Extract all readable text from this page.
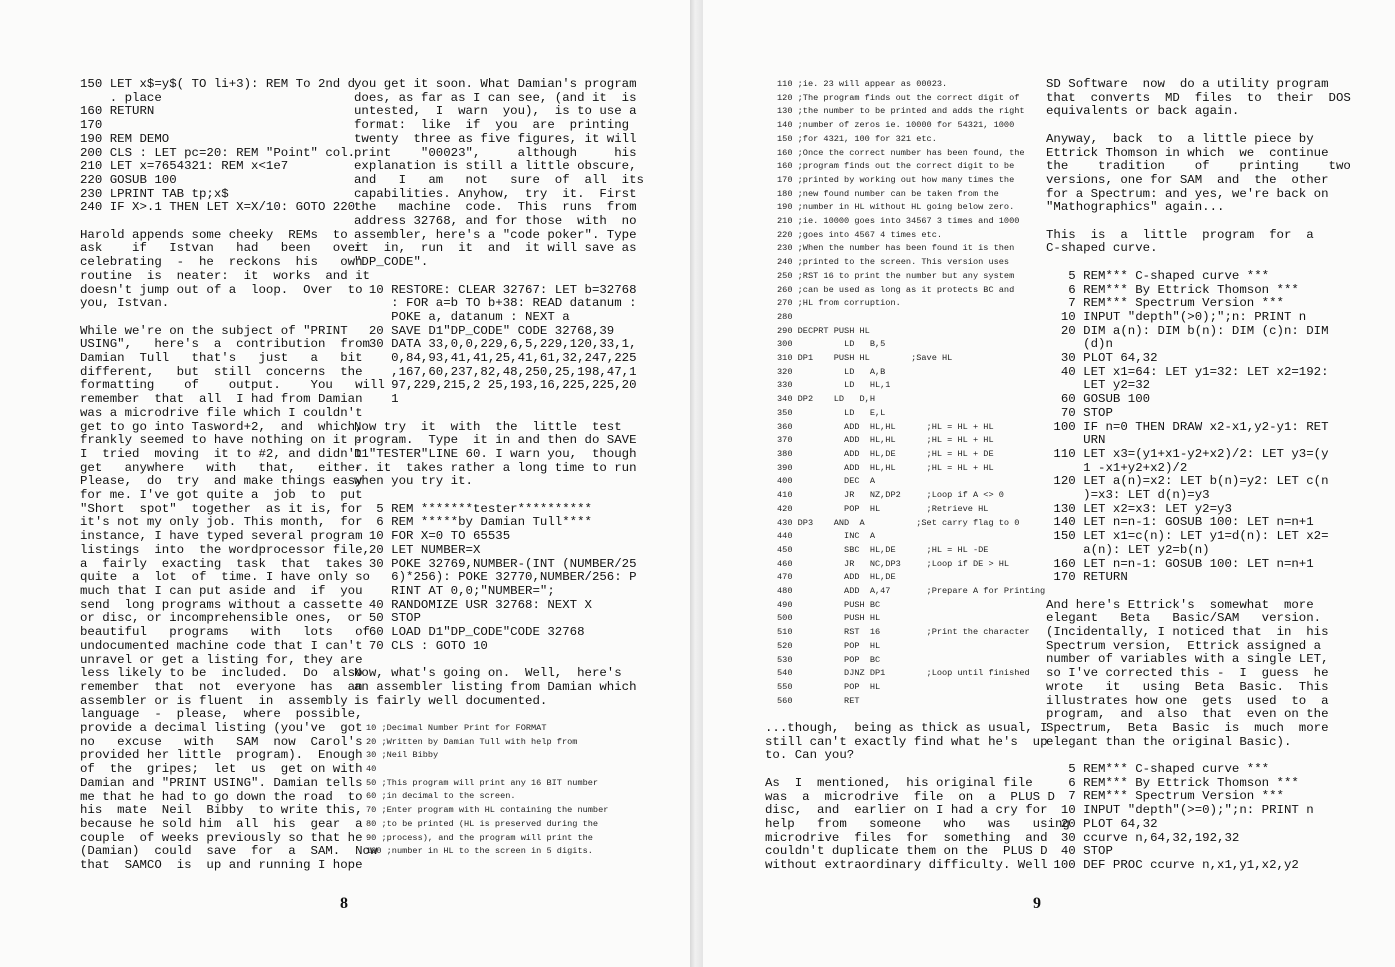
150 LET x$=y$( TO li+3): REM To 2nd d
. place
160 RETURN
170
190 REM DEMO
200 CLS : LET pc=20: REM "Point" col.
210 LET x=7654321: REM x<1e7
220 GOSUB 100
230 LPRINT TAB tp;x$
240 IF X>.1 THEN LET X=X/10: GOTO 220
Harold appends some cheeky  REMs  to
ask    if   Istvan   had   been   over
celebrating  -  he  reckons  his   own
routine  is  neater:  it  works  and it
doesn't jump out of a  loop.  Over  to
you, Istvan.
While we're on the subject of "PRINT
USING",   here's  a  contribution  from
Damian  Tull   that's   just   a   bit
different,   but  still  concerns  the
formatting    of    output.    You   will
remember  that  all  I had from Damian
was a microdrive file which I couldn't
get to go into Tasword+2,  and  which,
frankly seemed to have nothing on it -
I  tried  moving  it to #2, and didn't
get   anywhere   with   that,   either.
Please,  do  try  and make things easy
for me. I've got quite a  job  to  put
"Short  spot"  together  as it is, for
it's not my only job. This month,  for
instance, I have typed several program
listings  into  the wordprocessor file,
a  fairly  exacting  task  that  takes
quite  a  lot  of  time. I have only so
much that I can put aside and  if  you
send  long programs without a cassette
or disc, or incomprehensible ones,  or
beautiful   programs   with   lots   of
undocumented machine code that I can't
unravel or get a listing for, they are
less likely to be  included.  Do  also
remember  that  not  everyone  has  an
assembler or is fluent  in  assembly
language  -  please,  where  possible,
provide a decimal listing (you've  got
no   excuse   with   SAM  now  Carol's
provided her little  program).  Enough
of  the  gripes;  let  us  get on with
Damian and "PRINT USING". Damian tells
me that he had to go down the road  to
his  mate  Neil  Bibby  to write this,
because he sold him  all  his  gear  a
couple  of weeks previously so that he
(Damian)  could  save  for  a  SAM.  Now
that  SAMCO  is  up and running I hope
you get it soon. What Damian's program
does, as far as I can see, (and it  is
untested,  I  warn  you),  is to use a
format:  like  if  you  are  printing
twenty  three as five figures, it will
print    "00023",     although     his
explanation is still a little obscure,
and   I   am   not   sure  of  all  its
capabilities. Anyhow,  try  it.  First
the   machine  code.  This  runs  from
address 32768, and for those  with  no
assembler, here's a "code poker". Type
it  in,  run  it  and  it will save as
"DP_CODE".
10 RESTORE: CLEAR 32767: LET b=32768
: FOR a=b TO b+38: READ datanum :
POKE a, datanum : NEXT a
20 SAVE D1"DP_CODE" CODE 32768,39
30 DATA 33,0,0,229,6,5,229,120,33,1,
0,84,93,41,41,25,41,61,32,247,225
,167,60,237,82,48,250,25,198,47,1
97,229,215,2 25,193,16,225,225,20
1
Now try  it  with  the  little  test
program.  Type  it in and then do SAVE
D1"TESTER"LINE 60. I warn you,  though
-  it  takes rather a long time to run
when you try it.
5 REM *******tester**********
6 REM *****by Damian Tull****
10 FOR X=0 TO 65535
20 LET NUMBER=X
30 POKE 32769,NUMBER-(INT (NUMBER/25
6)*256): POKE 32770,NUMBER/256: P
RINT AT 0,0;"NUMBER=";
40 RANDOMIZE USR 32768: NEXT X
50 STOP
60 LOAD D1"DP_CODE"CODE 32768
70 CLS : GOTO 10
Now, what's going on.  Well,  here's
an assembler listing from Damian which
is fairly well documented.
10 ;Decimal Number Print for FORMAT
20 ;Written by Damian Tull with help from
30 ;Neil Bibby
40
50 ;This program will print any 16 BIT number
60 ;in decimal to the screen.
70 ;Enter program with HL containing the number
80 ;to be printed (HL is preserved during the
90 ;process), and the program will print the
100 ;number in HL to the screen in 5 digits.
8
110 ;ie. 23 will appear as 00023.
120 ;The program finds out the correct digit of
130 ;the number to be printed and adds the right
140 ;number of zeros ie. 10000 for 54321, 1000
150 ;for 4321, 100 for 321 etc.
160 ;Once the correct number has been found, the
160 ;program finds out the correct digit to be
170 ;printed by working out how many times the
180 ;new found number can be taken from the
190 ;number in HL without HL going below zero.
210 ;ie. 10000 goes into 34567 3 times and 1000
220 ;goes into 4567 4 times etc.
230 ;When the number has been found it is then
240 ;printed to the screen. This version uses
250 ;RST 16 to print the number but any system
260 ;can be used as long as it protects BC and
270 ;HL from corruption.
280
290 DECPRT PUSH HL
300          LD   B,5
310 DP1    PUSH HL        ;Save HL
320          LD   A,B
330          LD   HL,1
340 DP2    LD   D,H
350          LD   E,L
360          ADD  HL,HL      ;HL = HL + HL
370          ADD  HL,HL      ;HL = HL + HL
380          ADD  HL,DE      ;HL = HL + DE
390          ADD  HL,HL      ;HL = HL + HL
400          DEC  A
410          JR   NZ,DP2     ;Loop if A <> 0
420          POP  HL         ;Retrieve HL
430 DP3    AND  A          ;Set carry flag to 0
440          INC  A
450          SBC  HL,DE      ;HL = HL -DE
460          JR   NC,DP3     ;Loop if DE > HL
470          ADD  HL,DE
480          ADD  A,47       ;Prepare A for Printing
490          PUSH BC
500          PUSH HL
510          RST  16         ;Print the character
520          POP  HL
530          POP  BC
540          DJNZ DP1        ;Loop until finished
550          POP  HL
560          RET
...though,  being as thick as usual, I
still can't exactly find what he's  up
to. Can you?
As  I  mentioned,  his original file
was  a  microdrive  file  on  a  PLUS D
disc,  and  earlier on I had a cry for
help   from   someone   who   was   using
microdrive  files  for  something  and
couldn't duplicate them on the  PLUS D
without extraordinary difficulty. Well
SD Software  now  do a utility program
that  converts  MD  files  to  their  DOS
equivalents or back again.
Anyway,  back  to  a little piece by
Ettrick Thomson in which  we  continue
the    tradition    of    printing    two
versions, one for SAM  and  the  other
for a Spectrum: and yes, we're back on
"Mathographics" again...
This  is  a  little  program  for  a
C-shaped curve.
5 REM*** C-shaped curve ***
6 REM*** By Ettrick Thomson ***
7 REM*** Spectrum Version ***
10 INPUT "depth"(>0);";n: PRINT n
20 DIM a(n): DIM b(n): DIM (c)n: DIM
(d)n
30 PLOT 64,32
40 LET x1=64: LET y1=32: LET x2=192:
LET y2=32
60 GOSUB 100
70 STOP
100 IF n=0 THEN DRAW x2-x1,y2-y1: RET
URN
110 LET x3=(y1+x1-y2+x2)/2: LET y3=(y
1 -x1+y2+x2)/2
120 LET a(n)=x2: LET b(n)=y2: LET c(n
)=x3: LET d(n)=y3
130 LET x2=x3: LET y2=y3
140 LET n=n-1: GOSUB 100: LET n=n+1
150 LET x1=c(n): LET y1=d(n): LET x2=
a(n): LET y2=b(n)
160 LET n=n-1: GOSUB 100: LET n=n+1
170 RETURN
And here's Ettrick's  somewhat  more
elegant   Beta   Basic/SAM   version.
(Incidentally, I noticed that  in  his
Spectrum version,  Ettrick assigned a
number of variables with a single LET,
so I've corrected this -  I  guess  he
wrote   it   using  Beta  Basic.  This
illustrates how one  gets  used  to  a
program,  and  also  that  even on the
Spectrum,  Beta  Basic  is  much  more
elegant than the original Basic).
5 REM*** C-shaped curve ***
6 REM*** By Ettrick Thomson ***
7 REM*** Spectrum Version ***
10 INPUT "depth"(>=0);";n: PRINT n
20 PLOT 64,32
30 ccurve n,64,32,192,32
40 STOP
100 DEF PROC ccurve n,x1,y1,x2,y2
9
